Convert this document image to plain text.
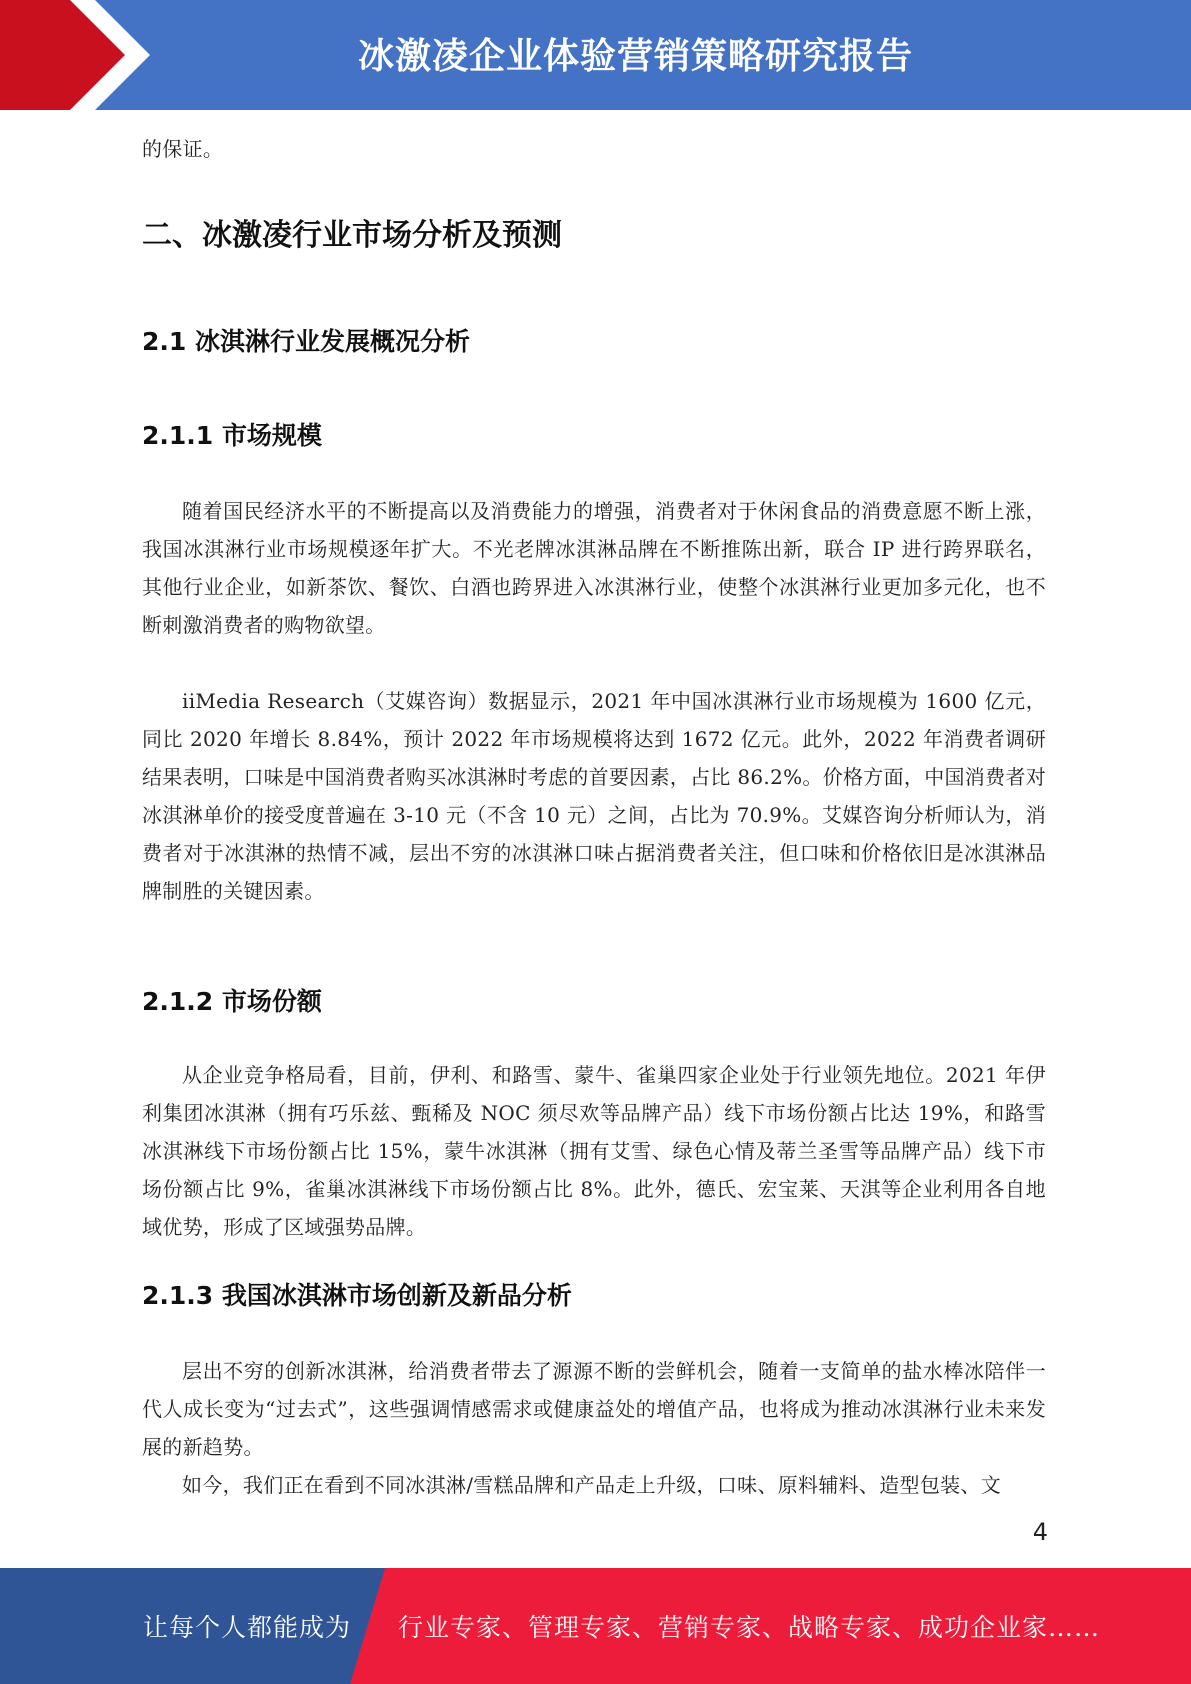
冰激凌企业体验营销策略研究报告

的保证。

二、冰激凌行业市场分析及预测
2.1 冰淇淋行业发展概况分析
2.1.1 市场规模

随着国民经济水平的不断提高以及消费能力的增强，消费者对于休闲食品的消费意愿不断上涨，我国冰淇淋行业市场规模逐年扩大。不光老牌冰淇淋品牌在不断推陈出新，联合 IP 进行跨界联名，其他行业企业，如新茶饮、餐饮、白酒也跨界进入冰淇淋行业，使整个冰淇淋行业更加多元化，也不断刺激消费者的购物欲望。

iiMedia Research（艾媒咨询）数据显示，2021 年中国冰淇淋行业市场规模为 1600 亿元，同比 2020 年增长 8.84%，预计 2022 年市场规模将达到 1672 亿元。此外，2022 年消费者调研结果表明，口味是中国消费者购买冰淇淋时考虑的首要因素，占比 86.2%。价格方面，中国消费者对冰淇淋单价的接受度普遍在 3-10 元（不含 10 元）之间，占比为 70.9%。艾媒咨询分析师认为，消费者对于冰淇淋的热情不减，层出不穷的冰淇淋口味占据消费者关注，但口味和价格依旧是冰淇淋品牌制胜的关键因素。

2.1.2 市场份额

从企业竞争格局看，目前，伊利、和路雪、蒙牛、雀巢四家企业处于行业领先地位。2021 年伊利集团冰淇淋（拥有巧乐兹、甄稀及 NOC 须尽欢等品牌产品）线下市场份额占比达 19%，和路雪冰淇淋线下市场份额占比 15%，蒙牛冰淇淋（拥有艾雪、绿色心情及蒂兰圣雪等品牌产品）线下市场份额占比 9%，雀巢冰淇淋线下市场份额占比 8%。此外，德氏、宏宝莱、天淇等企业利用各自地域优势，形成了区域强势品牌。

2.1.3 我国冰淇淋市场创新及新品分析

层出不穷的创新冰淇淋，给消费者带去了源源不断的尝鲜机会，随着一支简单的盐水棒冰陪伴一代人成长变为“过去式”，这些强调情感需求或健康益处的增值产品，也将成为推动冰淇淋行业未来发展的新趋势。

如今，我们正在看到不同冰淇淋/雪糕品牌和产品走上升级，口味、原料辅料、造型包装、文

4
让每个人都能成为 行业专家、管理专家、营销专家、战略专家、成功企业家……
